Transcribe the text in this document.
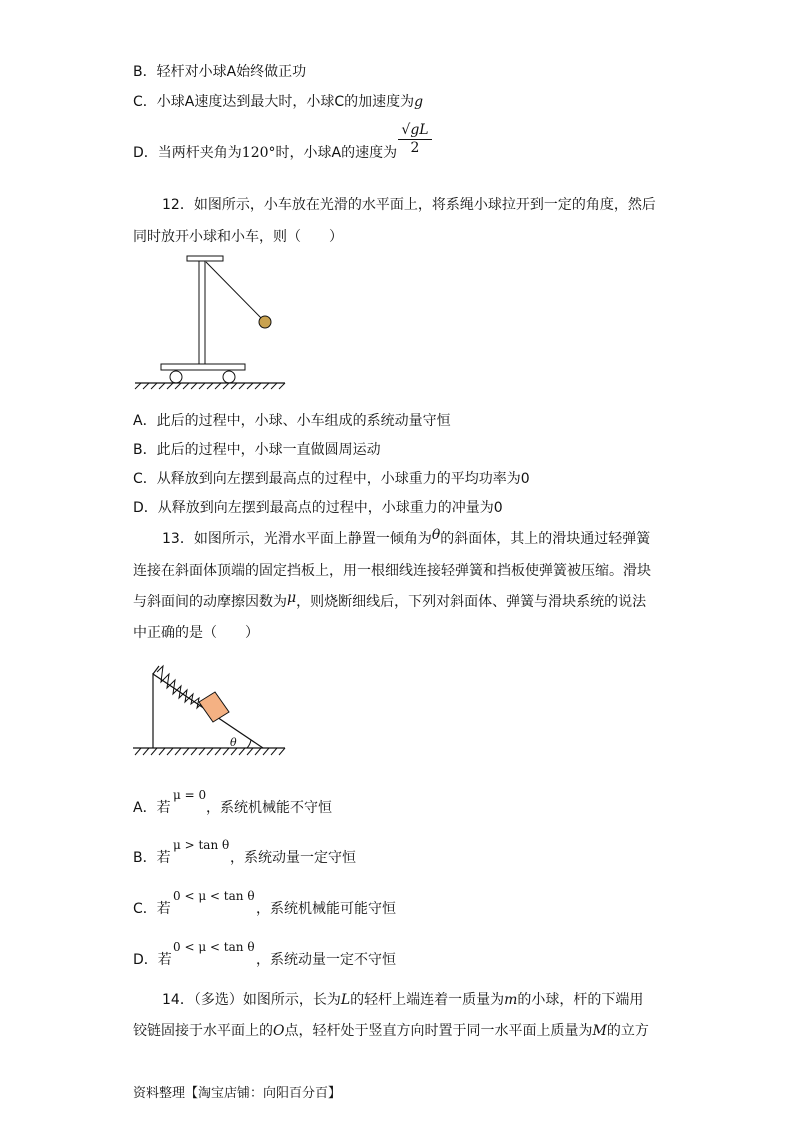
B．轻杆对小球A始终做正功
C．小球A速度达到最大时，小球C的加速度为g
D．当两杆夹角为120°时，小球A的速度为 $\frac{√gL}{2}$
12．如图所示，小车放在光滑的水平面上，将系绳小球拉开到一定的角度，然后
同时放开小球和小车，则（　　）
A．此后的过程中，小球、小车组成的系统动量守恒
B．此后的过程中，小球一直做圆周运动
C．从释放到向左摆到最高点的过程中，小球重力的平均功率为0
D．从释放到向左摆到最高点的过程中，小球重力的冲量为0
13．如图所示，光滑水平面上静置一倾角为θ的斜面体，其上的滑块通过轻弹簧
连接在斜面体顶端的固定挡板上，用一根细线连接轻弹簧和挡板使弹簧被压缩。滑块
与斜面间的动摩擦因数为μ，则烧断细线后，下列对斜面体、弹簧与滑块系统的说法
中正确的是（　　）
θ
A．若
μ = 0
，系统机械能不守恒
B．若
μ > tan θ
，系统动量一定守恒
C．若
0 < μ < tan θ
，系统机械能可能守恒
D．若
0 < μ < tan θ
，系统动量一定不守恒
14．（多选）如图所示，长为L的轻杆上端连着一质量为m的小球，杆的下端用
铰链固接于水平面上的O点，轻杆处于竖直方向时置于同一水平面上质量为M的立方
资料整理【淘宝店铺：向阳百分百】
